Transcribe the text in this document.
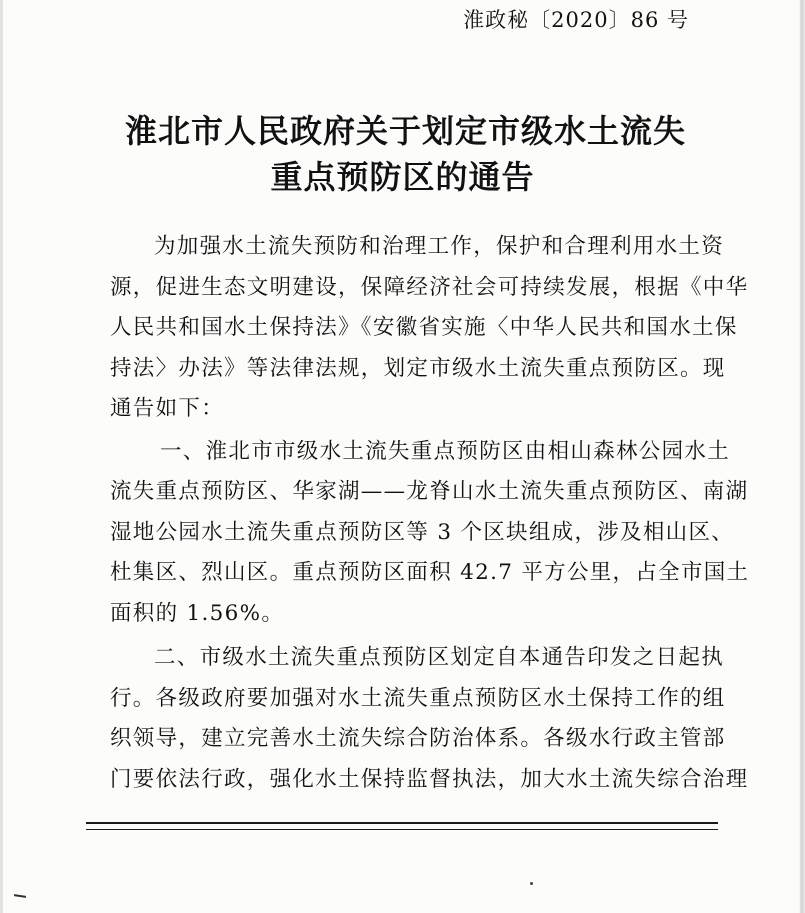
淮政秘〔2020〕86 号
淮北市人民政府关于划定市级水土流失
重点预防区的通告
为加强水土流失预防和治理工作，保护和合理利用水土资
源，促进生态文明建设，保障经济社会可持续发展，根据《中华
人民共和国水土保持法》《安徽省实施〈中华人民共和国水土保
持法〉办法》等法律法规，划定市级水土流失重点预防区。现
通告如下：
一、淮北市市级水土流失重点预防区由相山森林公园水土
流失重点预防区、华家湖——龙脊山水土流失重点预防区、南湖
湿地公园水土流失重点预防区等 3 个区块组成，涉及相山区、
杜集区、烈山区。重点预防区面积 42.7 平方公里，占全市国土
面积的 1.56%。
二、市级水土流失重点预防区划定自本通告印发之日起执
行。各级政府要加强对水土流失重点预防区水土保持工作的组
织领导，建立完善水土流失综合防治体系。各级水行政主管部
门要依法行政，强化水土保持监督执法，加大水土流失综合治理
